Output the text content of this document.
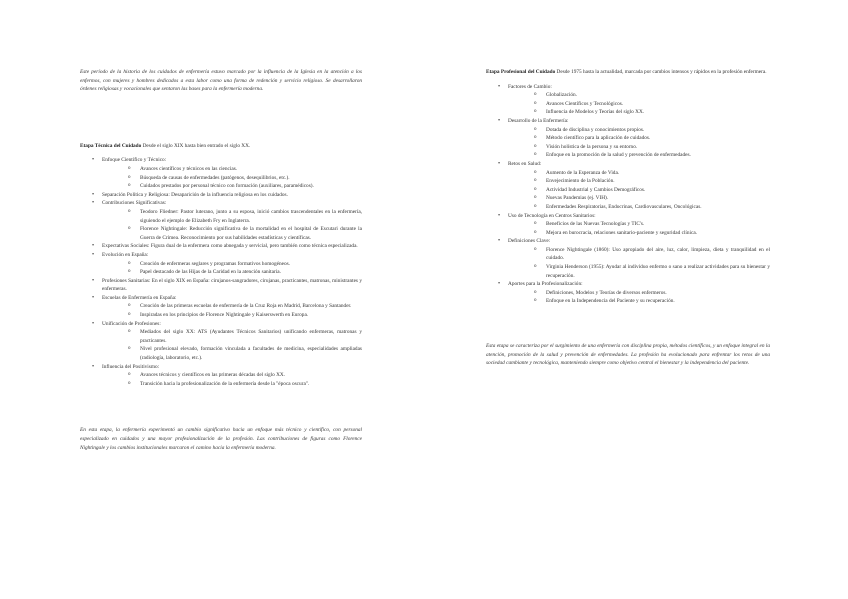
Este período de la historia de los cuidados de enfermería estuvo marcado por la influencia de la Iglesia en la atención a los enfermos, con mujeres y hombres dedicados a esta labor como una forma de redención y servicio religioso. Se desarrollaron órdenes religiosas y vocacionales que sentaron las bases para la enfermería moderna.

Etapa Técnica del Cuidado Desde el siglo XIX hasta bien entrado el siglo XX.

• Enfoque Científico y Técnico:
o Avances científicos y técnicos en las ciencias.
o Búsqueda de causas de enfermedades (patógenos, desequilibrios, etc.).
o Cuidados prestados por personal técnico con formación (auxiliares, paramédicos).
• Separación Política y Religiosa: Desaparición de la influencia religiosa en los cuidados.
• Contribuciones Significativas:
o Teodoro Fliedner: Pastor luterano, junto a su esposa, inició cambios trascendentales en la enfermería, siguiendo el ejemplo de Elizabeth Fry en Inglaterra.
o Florence Nightingale: Reducción significativa de la mortalidad en el hospital de Escutari durante la Guerra de Crimea. Reconocimiento por sus habilidades estadísticas y científicas.
• Expectativas Sociales: Figura dual de la enfermera como abnegada y servicial, pero también como técnica especializada.
• Evolución en España:
o Creación de enfermeras seglares y programas formativos homogéneos.
o Papel destacado de las Hijas de la Caridad en la atención sanitaria.
• Profesiones Sanitarias: En el siglo XIX en España: cirujanos-sangradores, cirujanas, practicantes, matronas, ministrantes y enfermeras.
• Escuelas de Enfermería en España:
o Creación de las primeras escuelas de enfermería de la Cruz Roja en Madrid, Barcelona y Santander.
o Inspiradas en los principios de Florence Nightingale y Kaiserswerth en Europa.
• Unificación de Profesiones:
o Mediados del siglo XX: ATS (Ayudantes Técnicos Sanitarios) unificando enfermeras, matronas y practicantes.
o Nivel profesional elevado, formación vinculada a facultades de medicina, especialidades ampliadas (radiología, laboratorio, etc.).
• Influencia del Positivismo:
o Avances técnicos y científicos en las primeras décadas del siglo XX.
o Transición hacia la profesionalización de la enfermería desde la "época oscura".

En esta etapa, la enfermería experimentó un cambio significativo hacia un enfoque más técnico y científico, con personal especializado en cuidados y una mayor profesionalización de la profesión. Las contribuciones de figuras como Florence Nightingale y los cambios institucionales marcaron el camino hacia la enfermería moderna.

Etapa Profesional del Cuidado Desde 1975 hasta la actualidad, marcada por cambios intensos y rápidos en la profesión enfermera.

• Factores de Cambio:
o Globalización.
o Avances Científicos y Tecnológicos.
o Influencia de Modelos y Teorías del siglo XX.
• Desarrollo de la Enfermería:
o Dotada de disciplina y conocimientos propios.
o Método científico para la aplicación de cuidados.
o Visión holística de la persona y su entorno.
o Enfoque en la promoción de la salud y prevención de enfermedades.
• Retos en Salud:
o Aumento de la Esperanza de Vida.
o Envejecimiento de la Población.
o Actividad Industrial y Cambios Demográficos.
o Nuevas Pandemias (ej. VIH).
o Enfermedades Respiratorias, Endocrinas, Cardiovasculares, Oncológicas.
• Uso de Tecnología en Centros Sanitarios:
o Beneficios de las Nuevas Tecnologías y TIC's.
o Mejora en burocracia, relaciones sanitario-paciente y seguridad clínica.
• Definiciones Clave:
o Florence Nightingale (1860): Uso apropiado del aire, luz, calor, limpieza, dieta y tranquilidad en el cuidado.
o Virginia Henderson (1955): Ayudar al individuo enfermo o sano a realizar actividades para su bienestar y recuperación.
• Aportes para la Profesionalización:
o Definiciones, Modelos y Teorías de diversos enfermeros.
o Enfoque en la Independencia del Paciente y su recuperación.

Esta etapa se caracteriza por el surgimiento de una enfermería con disciplina propia, métodos científicos, y un enfoque integral en la atención, promoción de la salud y prevención de enfermedades. La profesión ha evolucionado para enfrentar los retos de una sociedad cambiante y tecnológica, manteniendo siempre como objetivo central el bienestar y la independencia del paciente.
